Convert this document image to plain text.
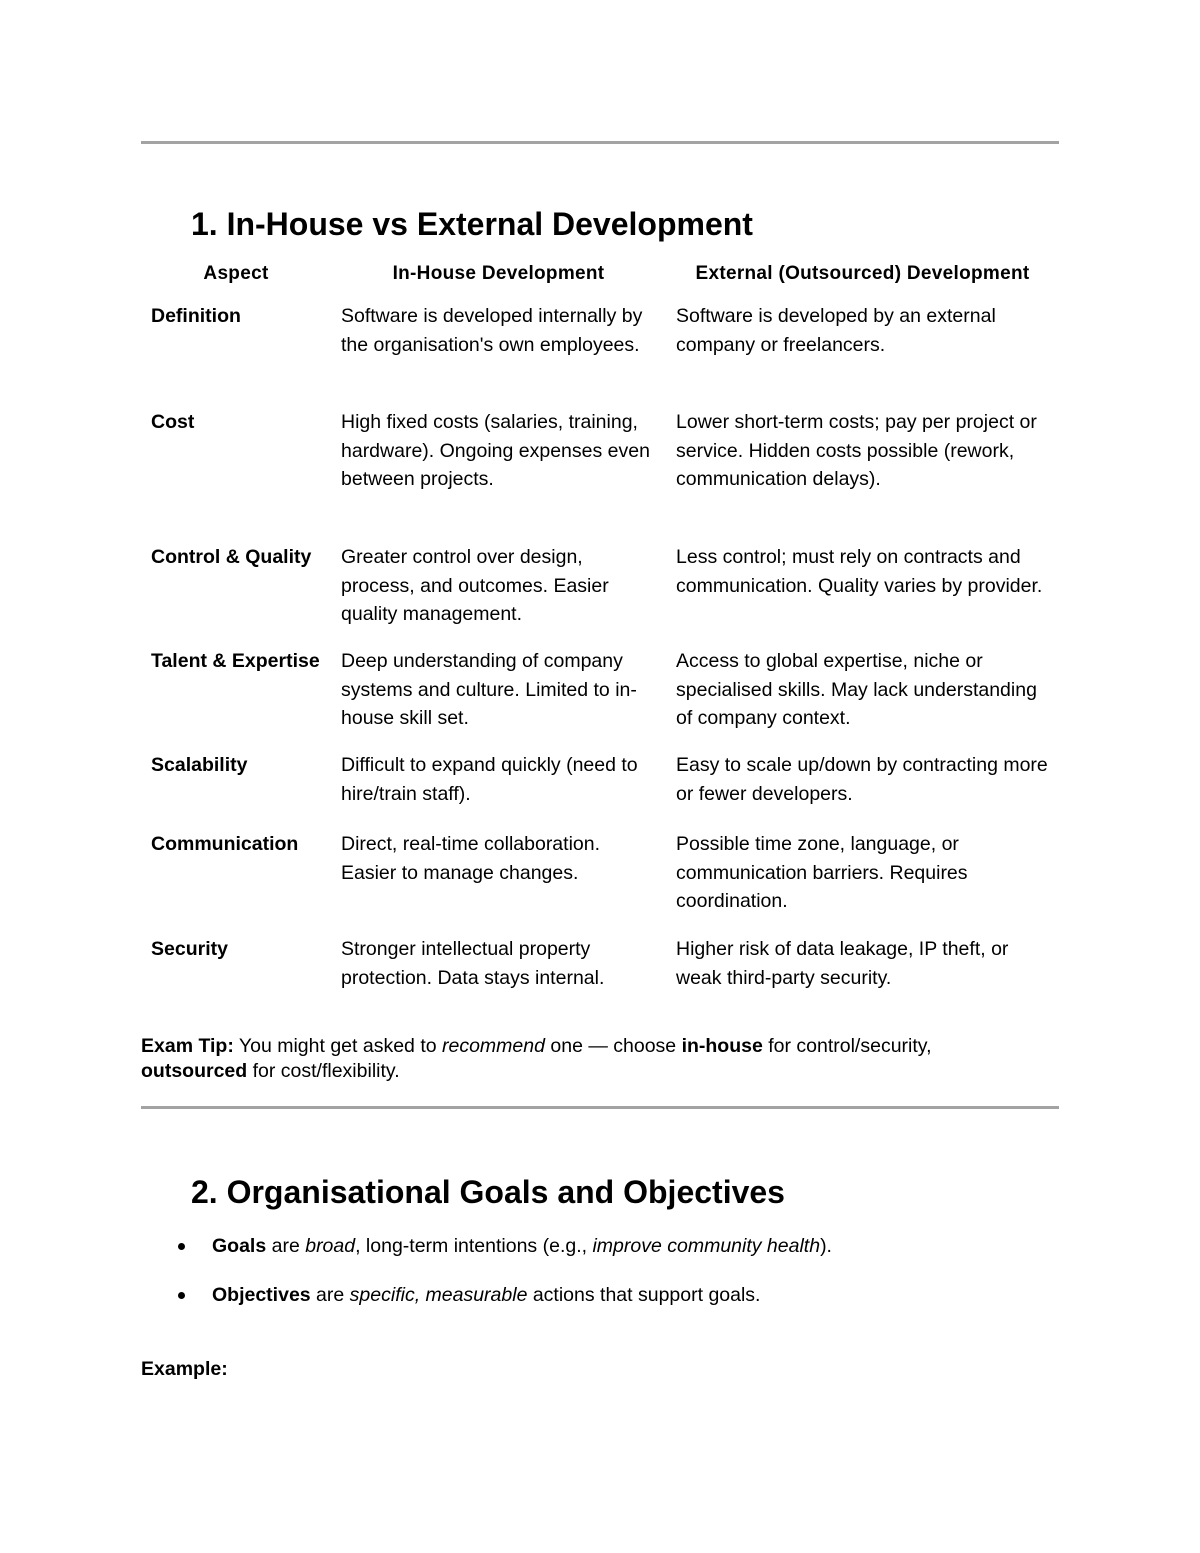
1. In-House vs External Development
Aspect	In-House Development	External (Outsourced) Development
Definition	Software is developed internally by the organisation's own employees.	Software is developed by an external company or freelancers.
Cost	High fixed costs (salaries, training, hardware). Ongoing expenses even between projects.	Lower short-term costs; pay per project or service. Hidden costs possible (rework, communication delays).
Control & Quality	Greater control over design, process, and outcomes. Easier quality management.	Less control; must rely on contracts and communication. Quality varies by provider.
Talent & Expertise	Deep understanding of company systems and culture. Limited to in-house skill set.	Access to global expertise, niche or specialised skills. May lack understanding of company context.
Scalability	Difficult to expand quickly (need to hire/train staff).	Easy to scale up/down by contracting more or fewer developers.
Communication	Direct, real-time collaboration. Easier to manage changes.	Possible time zone, language, or communication barriers. Requires coordination.
Security	Stronger intellectual property protection. Data stays internal.	Higher risk of data leakage, IP theft, or weak third-party security.

Exam Tip: You might get asked to recommend one — choose in-house for control/security, outsourced for cost/flexibility.

2. Organisational Goals and Objectives
Goals are broad, long-term intentions (e.g., improve community health).
Objectives are specific, measurable actions that support goals.

Example:
